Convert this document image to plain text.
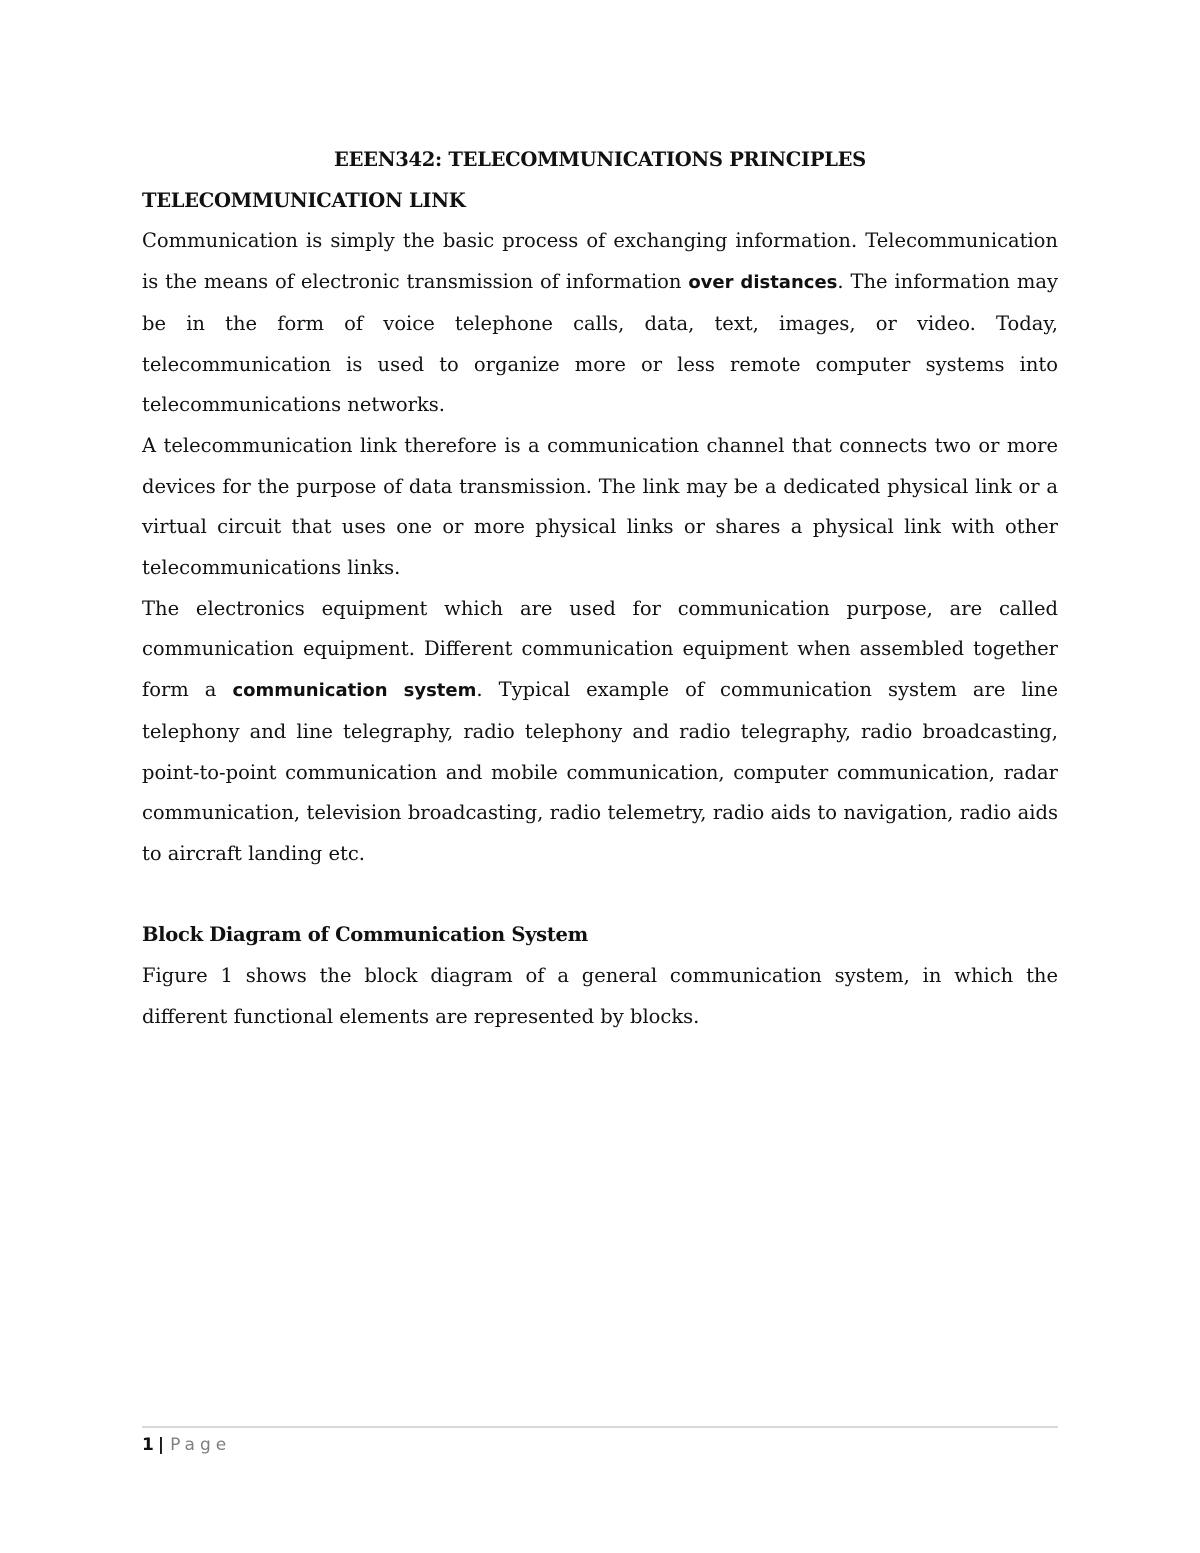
EEEN342: TELECOMMUNICATIONS PRINCIPLES

TELECOMMUNICATION LINK

Communication is simply the basic process of exchanging information. Telecommunication is the means of electronic transmission of information over distances. The information may be in the form of voice telephone calls, data, text, images, or video. Today, telecommunication is used to organize more or less remote computer systems into telecommunications networks.

A telecommunication link therefore is a communication channel that connects two or more devices for the purpose of data transmission. The link may be a dedicated physical link or a virtual circuit that uses one or more physical links or shares a physical link with other telecommunications links.

The electronics equipment which are used for communication purpose, are called communication equipment. Different communication equipment when assembled together form a communication system. Typical example of communication system are line telephony and line telegraphy, radio telephony and radio telegraphy, radio broadcasting, point-to-point communication and mobile communication, computer communication, radar communication, television broadcasting, radio telemetry, radio aids to navigation, radio aids to aircraft landing etc.

Block Diagram of Communication System

Figure 1 shows the block diagram of a general communication system, in which the different functional elements are represented by blocks.

1 | Page
